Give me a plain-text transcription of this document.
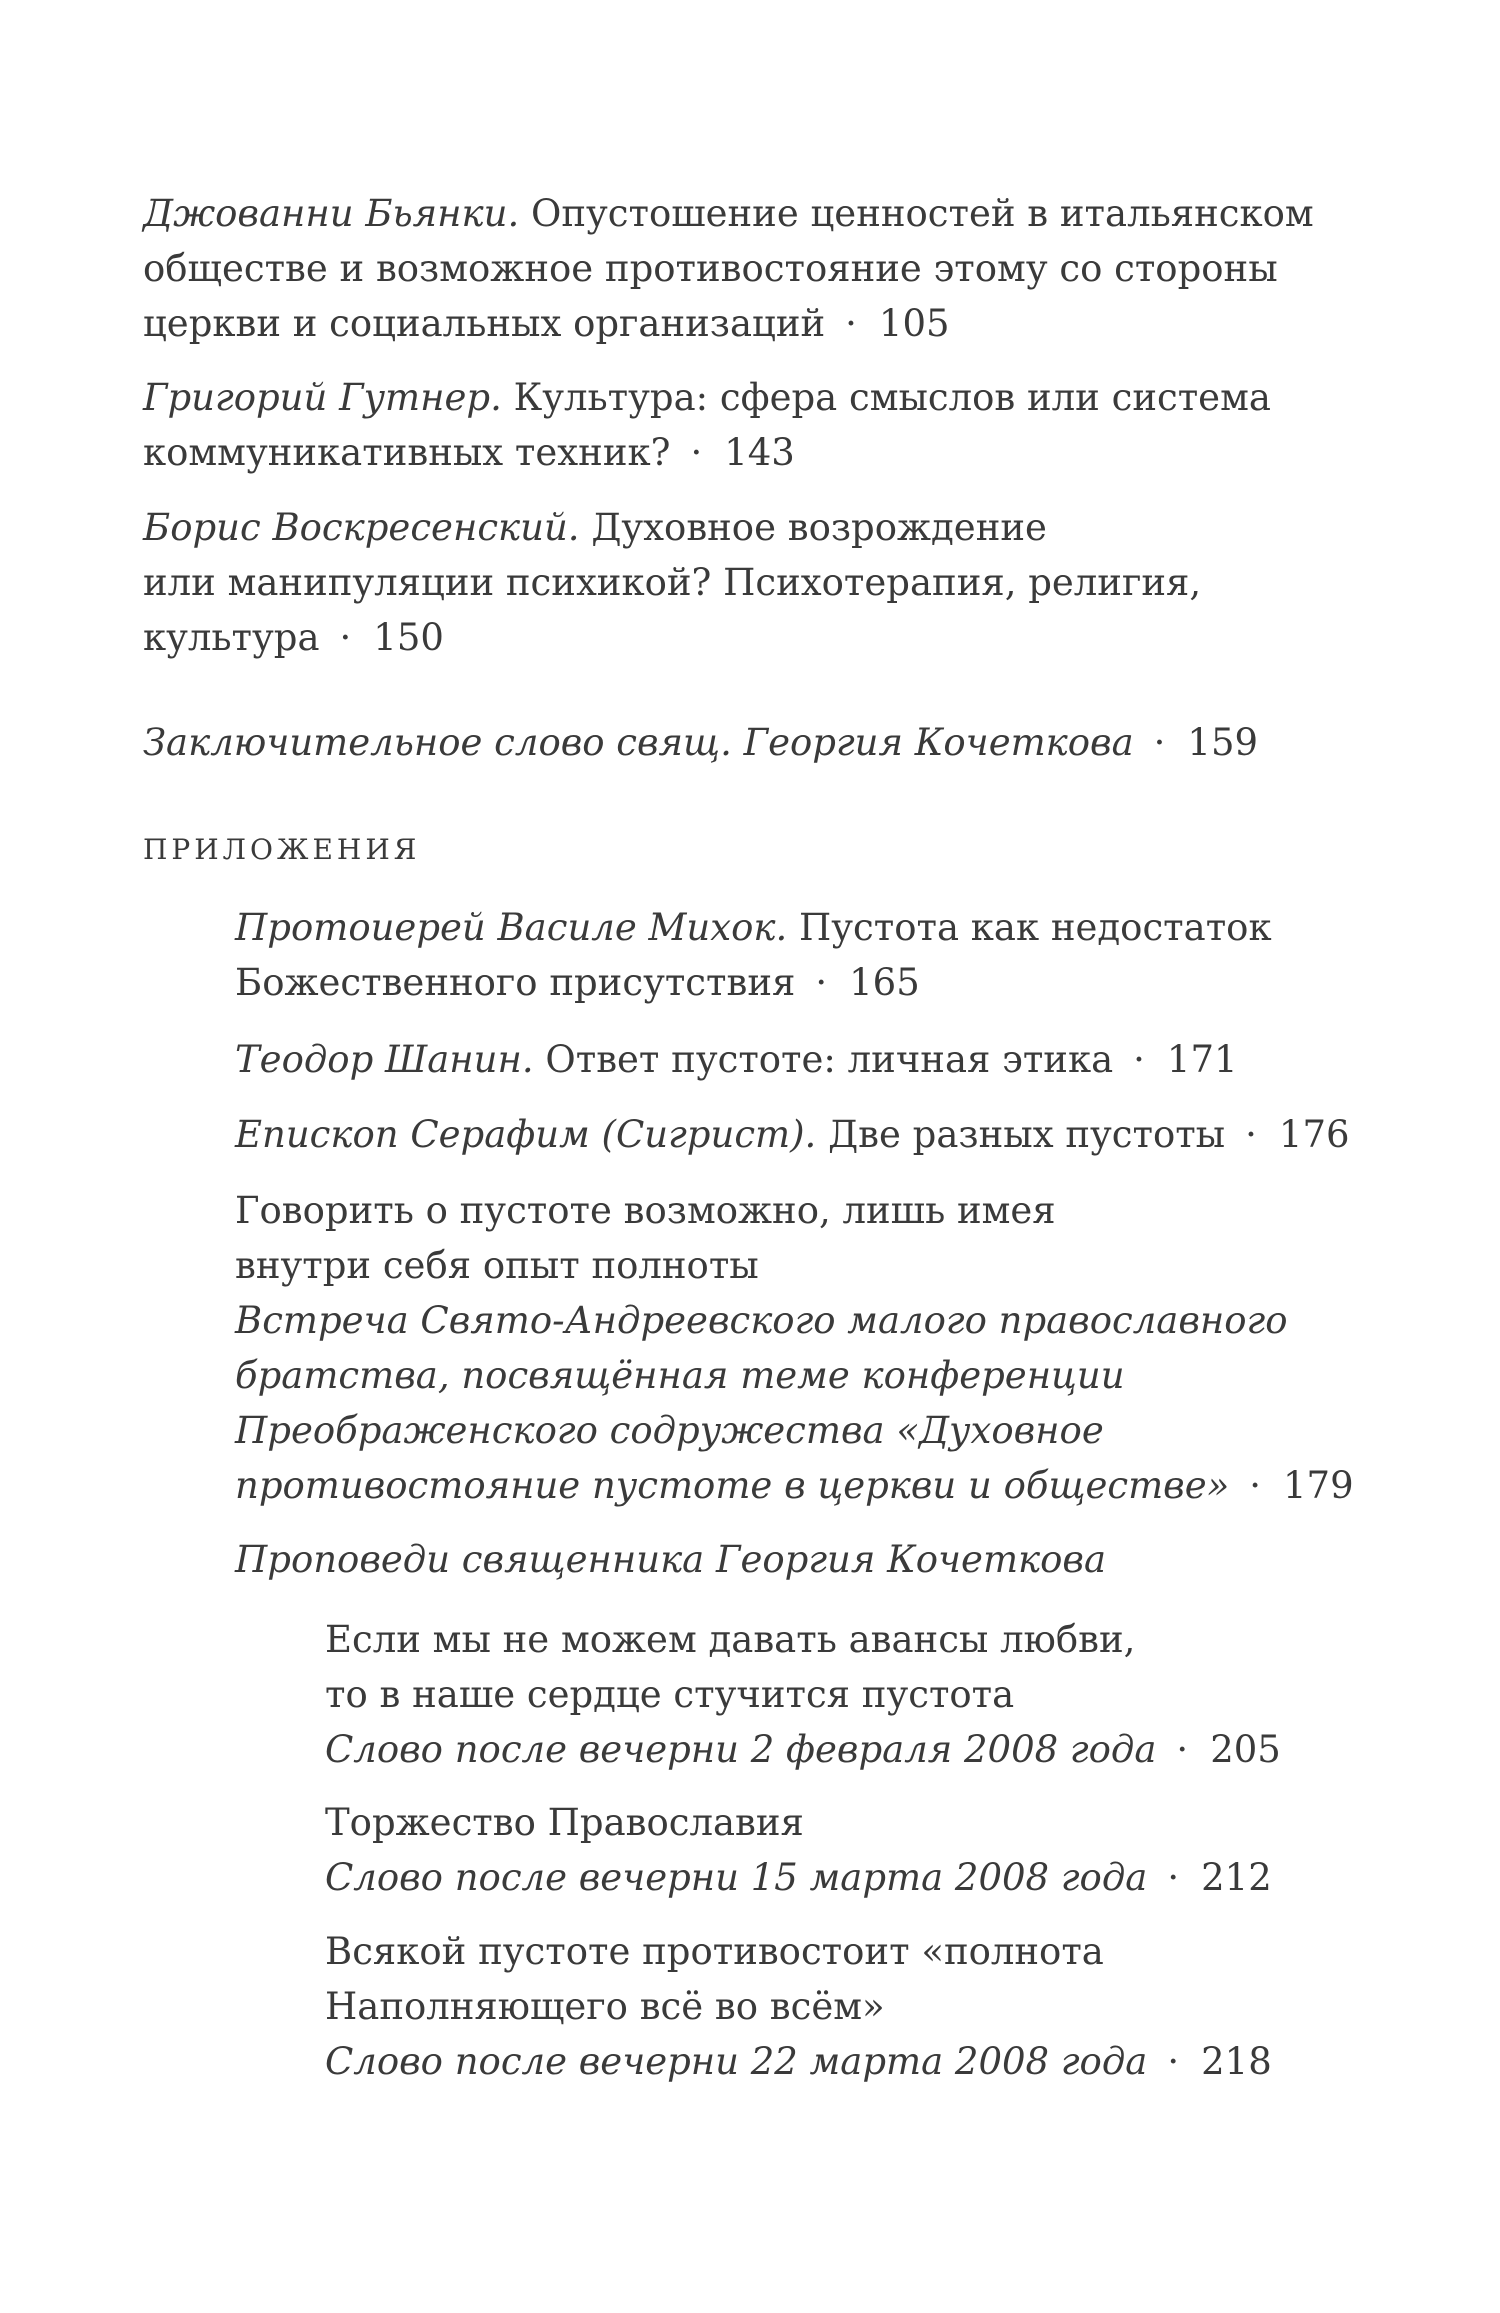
Джованни Бьянки. Опустошение ценностей в итальянском
обществе и возможное противостояние этому со стороны
церкви и социальных организаций · 105
Григорий Гутнер. Культура: сфера смыслов или система
коммуникативных техник? · 143
Борис Воскресенский. Духовное возрождение
или манипуляции психикой? Психотерапия, религия,
культура · 150
Заключительное слово свящ. Георгия Кочеткова · 159
ПРИЛОЖЕНИЯ
Протоиерей Василе Михок. Пустота как недостаток
Божественного присутствия · 165
Теодор Шанин. Ответ пустоте: личная этика · 171
Епископ Серафим (Сигрист). Две разных пустоты · 176
Говорить о пустоте возможно, лишь имея
внутри себя опыт полноты
Встреча Свято-Андреевского малого православного
братства, посвящённая теме конференции
Преображенского содружества «Духовное
противостояние пустоте в церкви и обществе» · 179
Проповеди священника Георгия Кочеткова
Если мы не можем давать авансы любви,
то в наше сердце стучится пустота
Слово после вечерни 2 февраля 2008 года · 205
Торжество Православия
Слово после вечерни 15 марта 2008 года · 212
Всякой пустоте противостоит «полнота
Наполняющего всё во всём»
Слово после вечерни 22 марта 2008 года · 218
